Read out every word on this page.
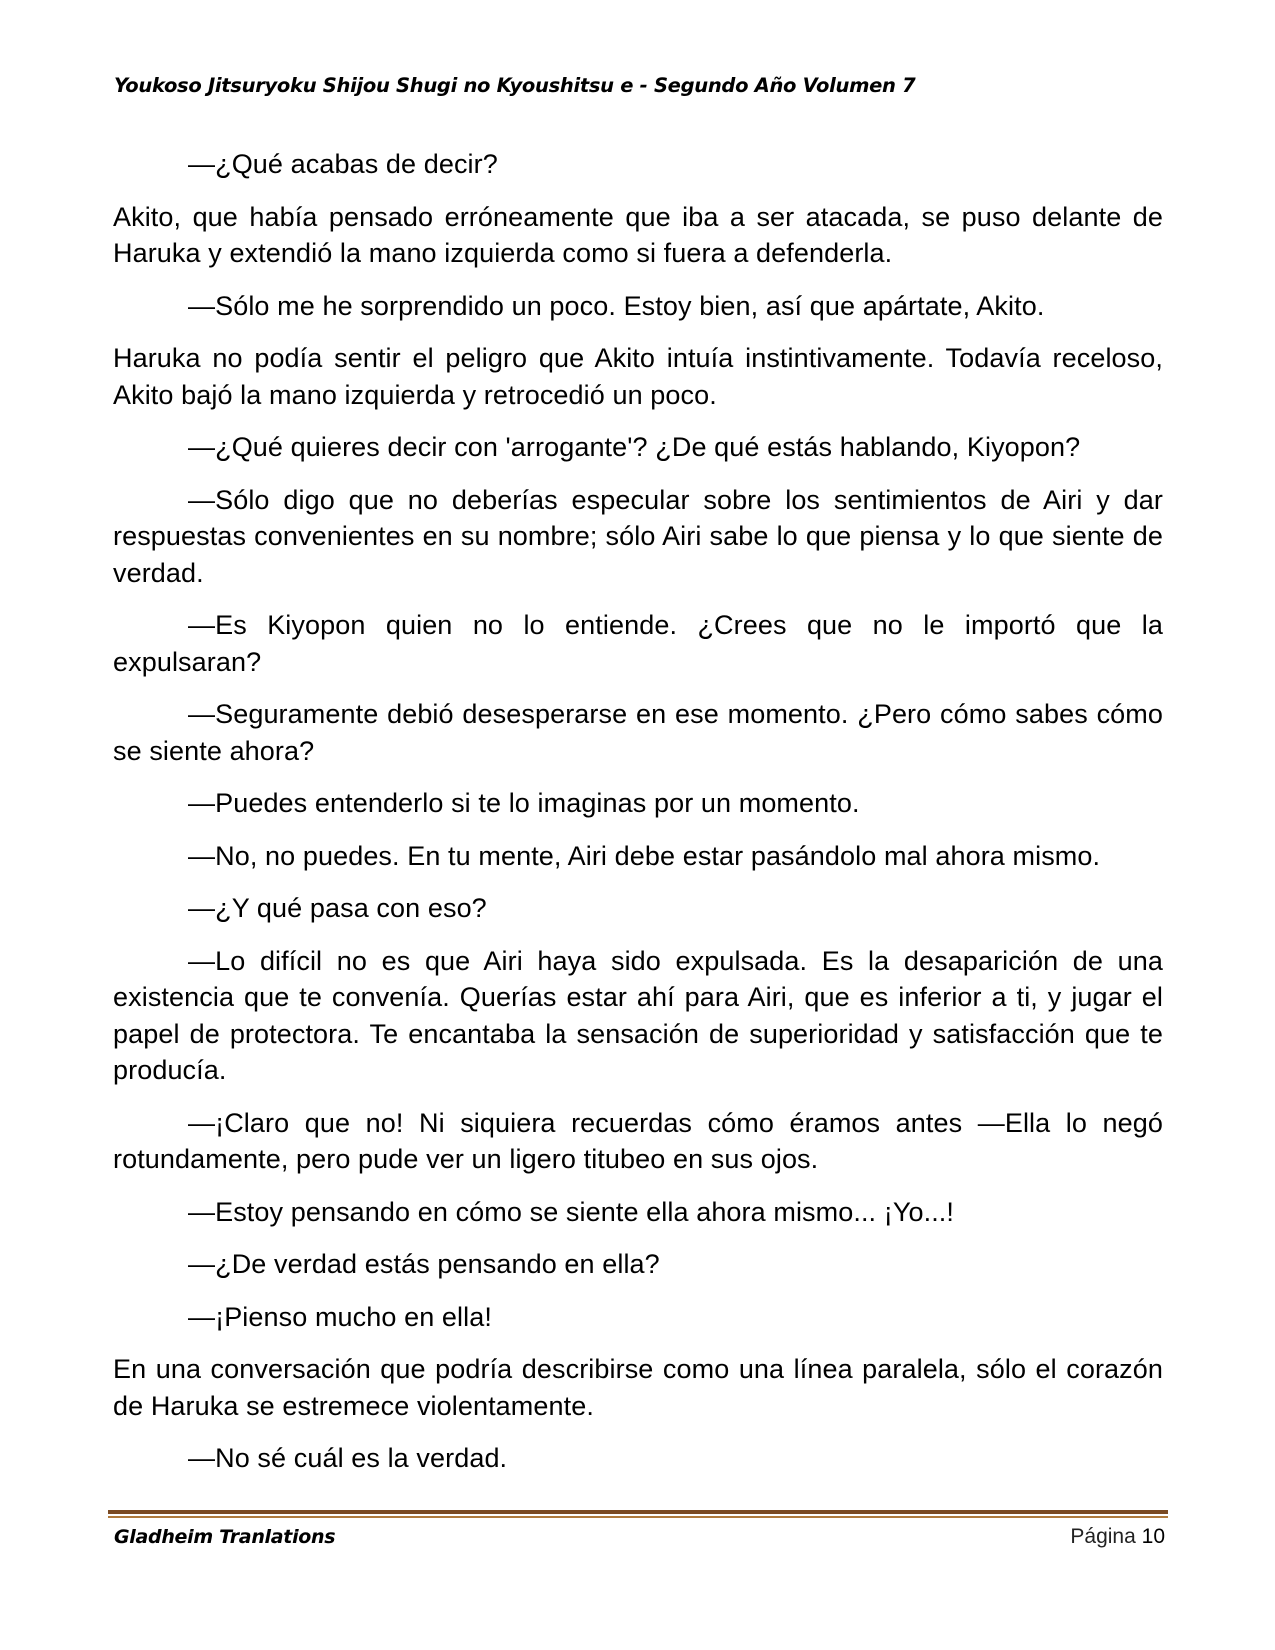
Youkoso Jitsuryoku Shijou Shugi no Kyoushitsu e - Segundo Año Volumen 7

—¿Qué acabas de decir?

Akito, que había pensado erróneamente que iba a ser atacada, se puso delante de Haruka y extendió la mano izquierda como si fuera a defenderla.

—Sólo me he sorprendido un poco. Estoy bien, así que apártate, Akito.

Haruka no podía sentir el peligro que Akito intuía instintivamente. Todavía receloso, Akito bajó la mano izquierda y retrocedió un poco.

—¿Qué quieres decir con 'arrogante'? ¿De qué estás hablando, Kiyopon?

—Sólo digo que no deberías especular sobre los sentimientos de Airi y dar respuestas convenientes en su nombre; sólo Airi sabe lo que piensa y lo que siente de verdad.

—Es Kiyopon quien no lo entiende. ¿Crees que no le importó que la expulsaran?

—Seguramente debió desesperarse en ese momento. ¿Pero cómo sabes cómo se siente ahora?

—Puedes entenderlo si te lo imaginas por un momento.

—No, no puedes. En tu mente, Airi debe estar pasándolo mal ahora mismo.

—¿Y qué pasa con eso?

—Lo difícil no es que Airi haya sido expulsada. Es la desaparición de una existencia que te convenía. Querías estar ahí para Airi, que es inferior a ti, y jugar el papel de protectora. Te encantaba la sensación de superioridad y satisfacción que te producía.

—¡Claro que no! Ni siquiera recuerdas cómo éramos antes —Ella lo negó rotundamente, pero pude ver un ligero titubeo en sus ojos.

—Estoy pensando en cómo se siente ella ahora mismo... ¡Yo...!

—¿De verdad estás pensando en ella?

—¡Pienso mucho en ella!

En una conversación que podría describirse como una línea paralela, sólo el corazón de Haruka se estremece violentamente.

—No sé cuál es la verdad.

Gladheim Tranlations	Página 10
